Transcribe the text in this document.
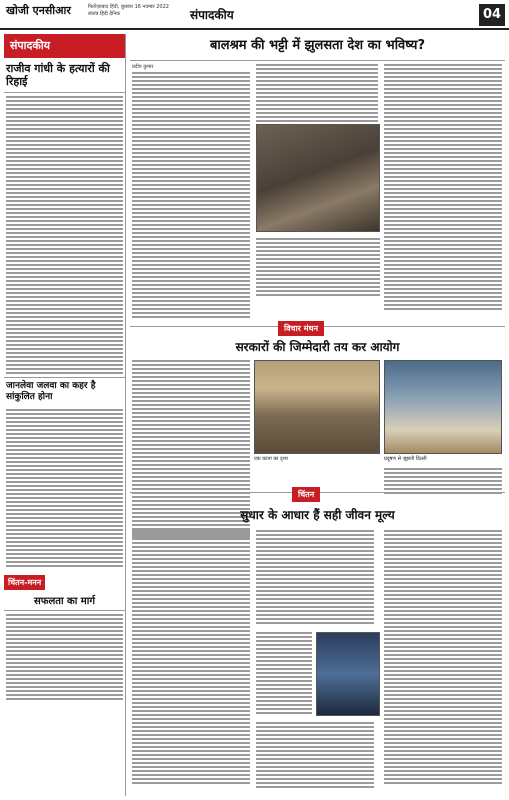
खोजी एनसीआर	फिरोज़ाबाद हिंदी, बुधवार 16 नवम्बर 2022
स्वतंत्र हिंदी दैनिक	संपादकीय	04
संपादकीय
राजीव गांधी के हत्यारों की रिहाई
जानलेवा जलवा का कहर है सांकुलित होना
चिंतन-मनन
सफलता का मार्ग
बालश्रम की भट्टी में झुलसता देश का भविष्य?
प्रदीप कुमार
विचार मंथन
सरकारों की जिम्मेदारी तय कर आयोग
एक घटना का दृश्य	प्रदूषण से जूझती दिल्ली
चिंतन
सुधार के आधार हैं सही जीवन मूल्य
